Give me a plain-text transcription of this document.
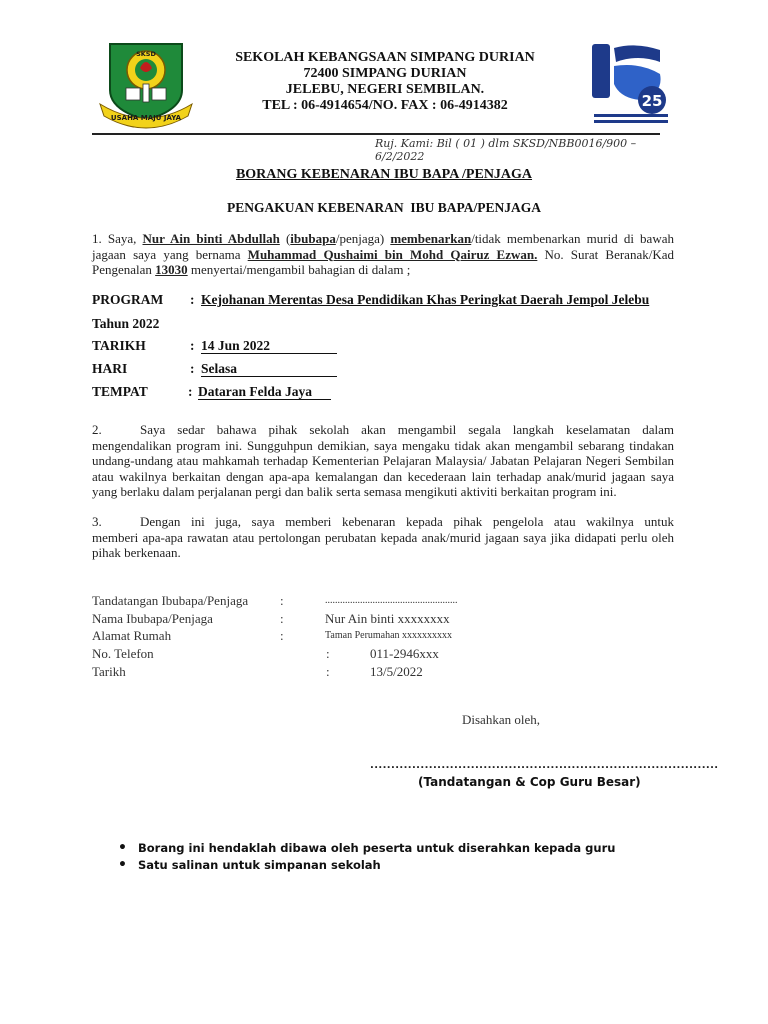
SKSD
USAHA MAJU JAYA
SEKOLAH KEBANGSAAN SIMPANG DURIAN
72400 SIMPANG DURIAN
JELEBU, NEGERI SEMBILAN.
TEL : 06-4914654/NO. FAX : 06-4914382	25
Ruj. Kami: Bil ( 01 ) dlm SKSD/NBB0016/900 – 6/2/2022
BORANG KEBENARAN IBU BAPA /PENJAGA
PENGAKUAN KEBENARAN  IBU BAPA/PENJAGA
1. Saya, Nur Ain binti Abdullah (ibubapa/penjaga) membenarkan/tidak membenarkan murid di bawah jagaan saya yang bernama Muhammad Qushaimi bin Mohd Qairuz Ezwan. No. Surat Beranak/Kad Pengenalan 13030 menyertai/mengambil bahagian di dalam ;
PROGRAM : Kejohanan Merentas Desa Pendidikan Khas Peringkat Daerah Jempol Jelebu
Tahun 2022
TARIKH	: 14 Jun 2022
HARI	: Selasa
TEMPAT	: Dataran Felda Jaya
2.	Saya sedar bahawa pihak sekolah akan mengambil segala langkah keselamatan dalam
mengendalikan program ini. Sungguhpun demikian, saya mengaku tidak akan mengambil sebarang tindakan undang-undang atau mahkamah terhadap Kementerian Pelajaran Malaysia/ Jabatan Pelajaran Negeri Sembilan atau wakilnya berkaitan dengan apa-apa kemalangan dan kecederaan lain terhadap anak/murid jagaan saya yang berlaku dalam perjalanan pergi dan balik serta semasa mengikuti aktiviti berkaitan program ini.
3.	Dengan ini juga, saya memberi kebenaran kepada pihak pengelola atau wakilnya untuk
memberi apa-apa rawatan atau pertolongan perubatan kepada anak/murid jagaan saya jika didapati perlu oleh pihak berkenaan.
Tandatangan Ibubapa/Penjaga :	.....................................................
Nama Ibubapa/Penjaga	:	Nur Ain binti xxxxxxxx
Alamat Rumah	:	Taman Perumahan xxxxxxxxxx
No. Telefon	:	011-2946xxx
Tarikh	:	13/5/2022
Disahkan oleh,
...................................................................................
(Tandatangan & Cop Guru Besar)
• Borang ini hendaklah dibawa oleh peserta untuk diserahkan kepada guru
• Satu salinan untuk simpanan sekolah
